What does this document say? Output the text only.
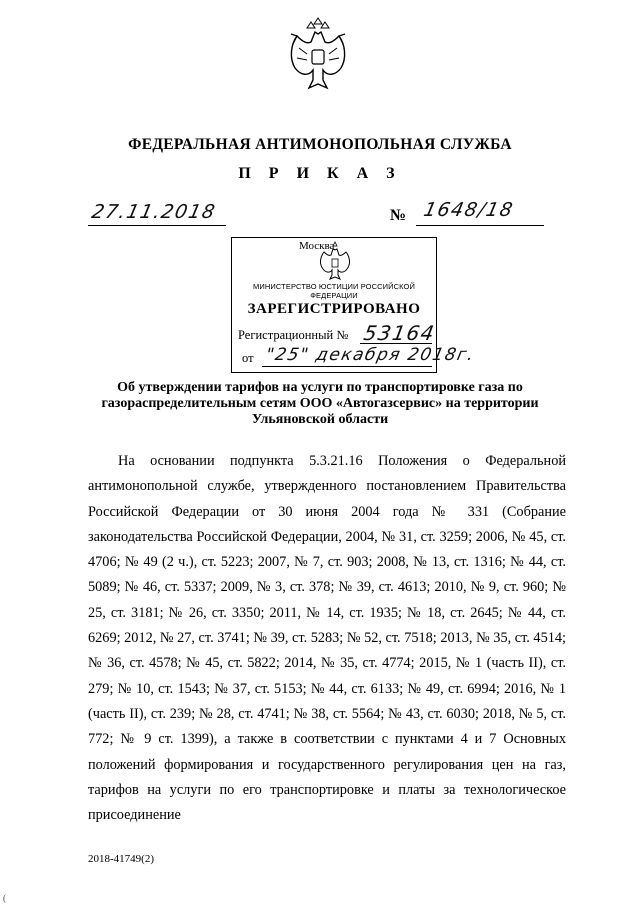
ФЕДЕРАЛЬНАЯ АНТИМОНОПОЛЬНАЯ СЛУЖБА
П Р И К А З
27.11.2018	№ 1648/18
Москва
МИНИСТЕРСТВО ЮСТИЦИИ РОССИЙСКОЙ ФЕДЕРАЦИИ
ЗАРЕГИСТРИРОВАНО
Регистрационный № 53164
от "25" декабря 2018г.
Об утверждении тарифов на услуги по транспортировке газа по газораспределительным сетям ООО «Автогазсервис» на территории Ульяновской области
На основании подпункта 5.3.21.16 Положения о Федеральной антимонопольной службе, утвержденного постановлением Правительства Российской Федерации от 30 июня 2004 года № 331 (Собрание законодательства Российской Федерации, 2004, № 31, ст. 3259; 2006, № 45, ст. 4706; № 49 (2 ч.), ст. 5223; 2007, № 7, ст. 903; 2008, № 13, ст. 1316; № 44, ст. 5089; № 46, ст. 5337; 2009, № 3, ст. 378; № 39, ст. 4613; 2010, № 9, ст. 960; № 25, ст. 3181; № 26, ст. 3350; 2011, № 14, ст. 1935; № 18, ст. 2645; № 44, ст. 6269; 2012, № 27, ст. 3741; № 39, ст. 5283; № 52, ст. 7518; 2013, № 35, ст. 4514; № 36, ст. 4578; № 45, ст. 5822; 2014, № 35, ст. 4774; 2015, № 1 (часть II), ст. 279; № 10, ст. 1543; № 37, ст. 5153; № 44, ст. 6133; № 49, ст. 6994; 2016, № 1 (часть II), ст. 239; № 28, ст. 4741; № 38, ст. 5564; № 43, ст. 6030; 2018, № 5, ст. 772; № 9 ст. 1399), а также в соответствии с пунктами 4 и 7 Основных положений формирования и государственного регулирования цен на газ, тарифов на услуги по его транспортировке и платы за технологическое присоединение
2018-41749(2)
(
